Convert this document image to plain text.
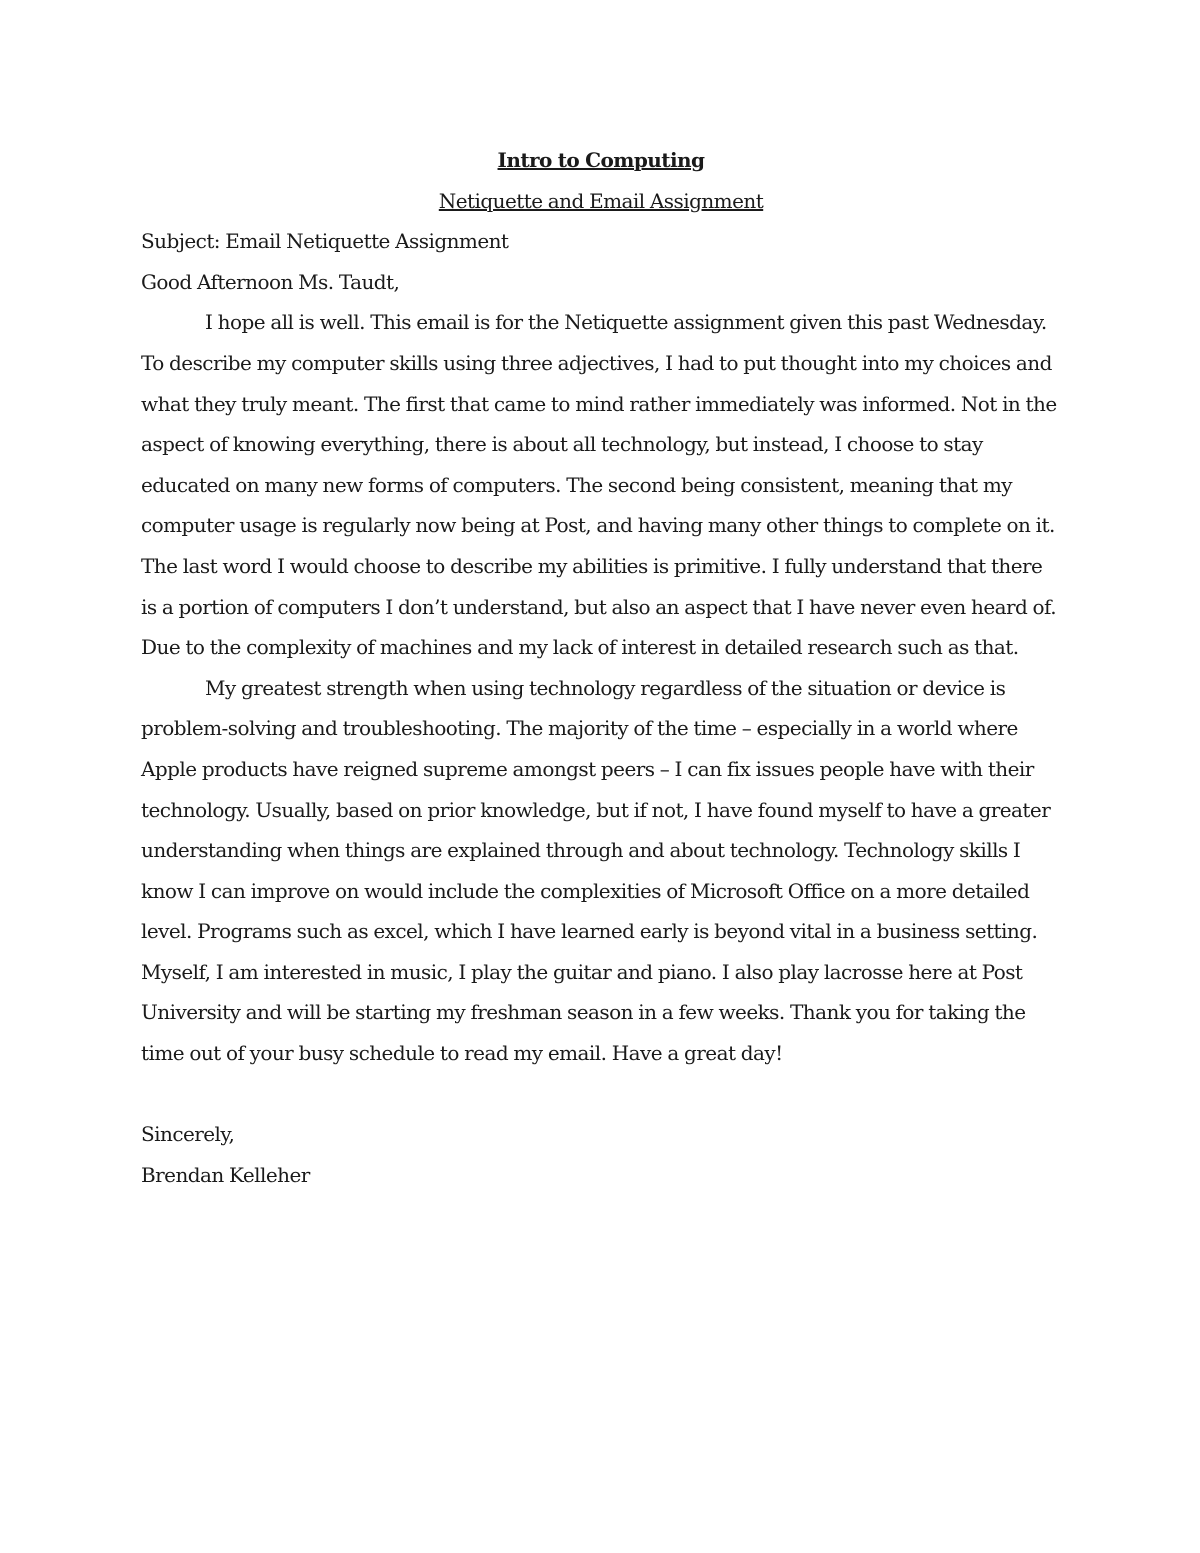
Intro to Computing

Netiquette and Email Assignment

Subject: Email Netiquette Assignment

Good Afternoon Ms. Taudt,

I hope all is well. This email is for the Netiquette assignment given this past Wednesday. To describe my computer skills using three adjectives, I had to put thought into my choices and what they truly meant. The first that came to mind rather immediately was informed. Not in the aspect of knowing everything, there is about all technology, but instead, I choose to stay educated on many new forms of computers. The second being consistent, meaning that my computer usage is regularly now being at Post, and having many other things to complete on it. The last word I would choose to describe my abilities is primitive. I fully understand that there is a portion of computers I don’t understand, but also an aspect that I have never even heard of. Due to the complexity of machines and my lack of interest in detailed research such as that.

My greatest strength when using technology regardless of the situation or device is problem-solving and troubleshooting. The majority of the time – especially in a world where Apple products have reigned supreme amongst peers – I can fix issues people have with their technology. Usually, based on prior knowledge, but if not, I have found myself to have a greater understanding when things are explained through and about technology. Technology skills I know I can improve on would include the complexities of Microsoft Office on a more detailed level. Programs such as excel, which I have learned early is beyond vital in a business setting. Myself, I am interested in music, I play the guitar and piano. I also play lacrosse here at Post University and will be starting my freshman season in a few weeks. Thank you for taking the time out of your busy schedule to read my email. Have a great day!

Sincerely,

Brendan Kelleher
